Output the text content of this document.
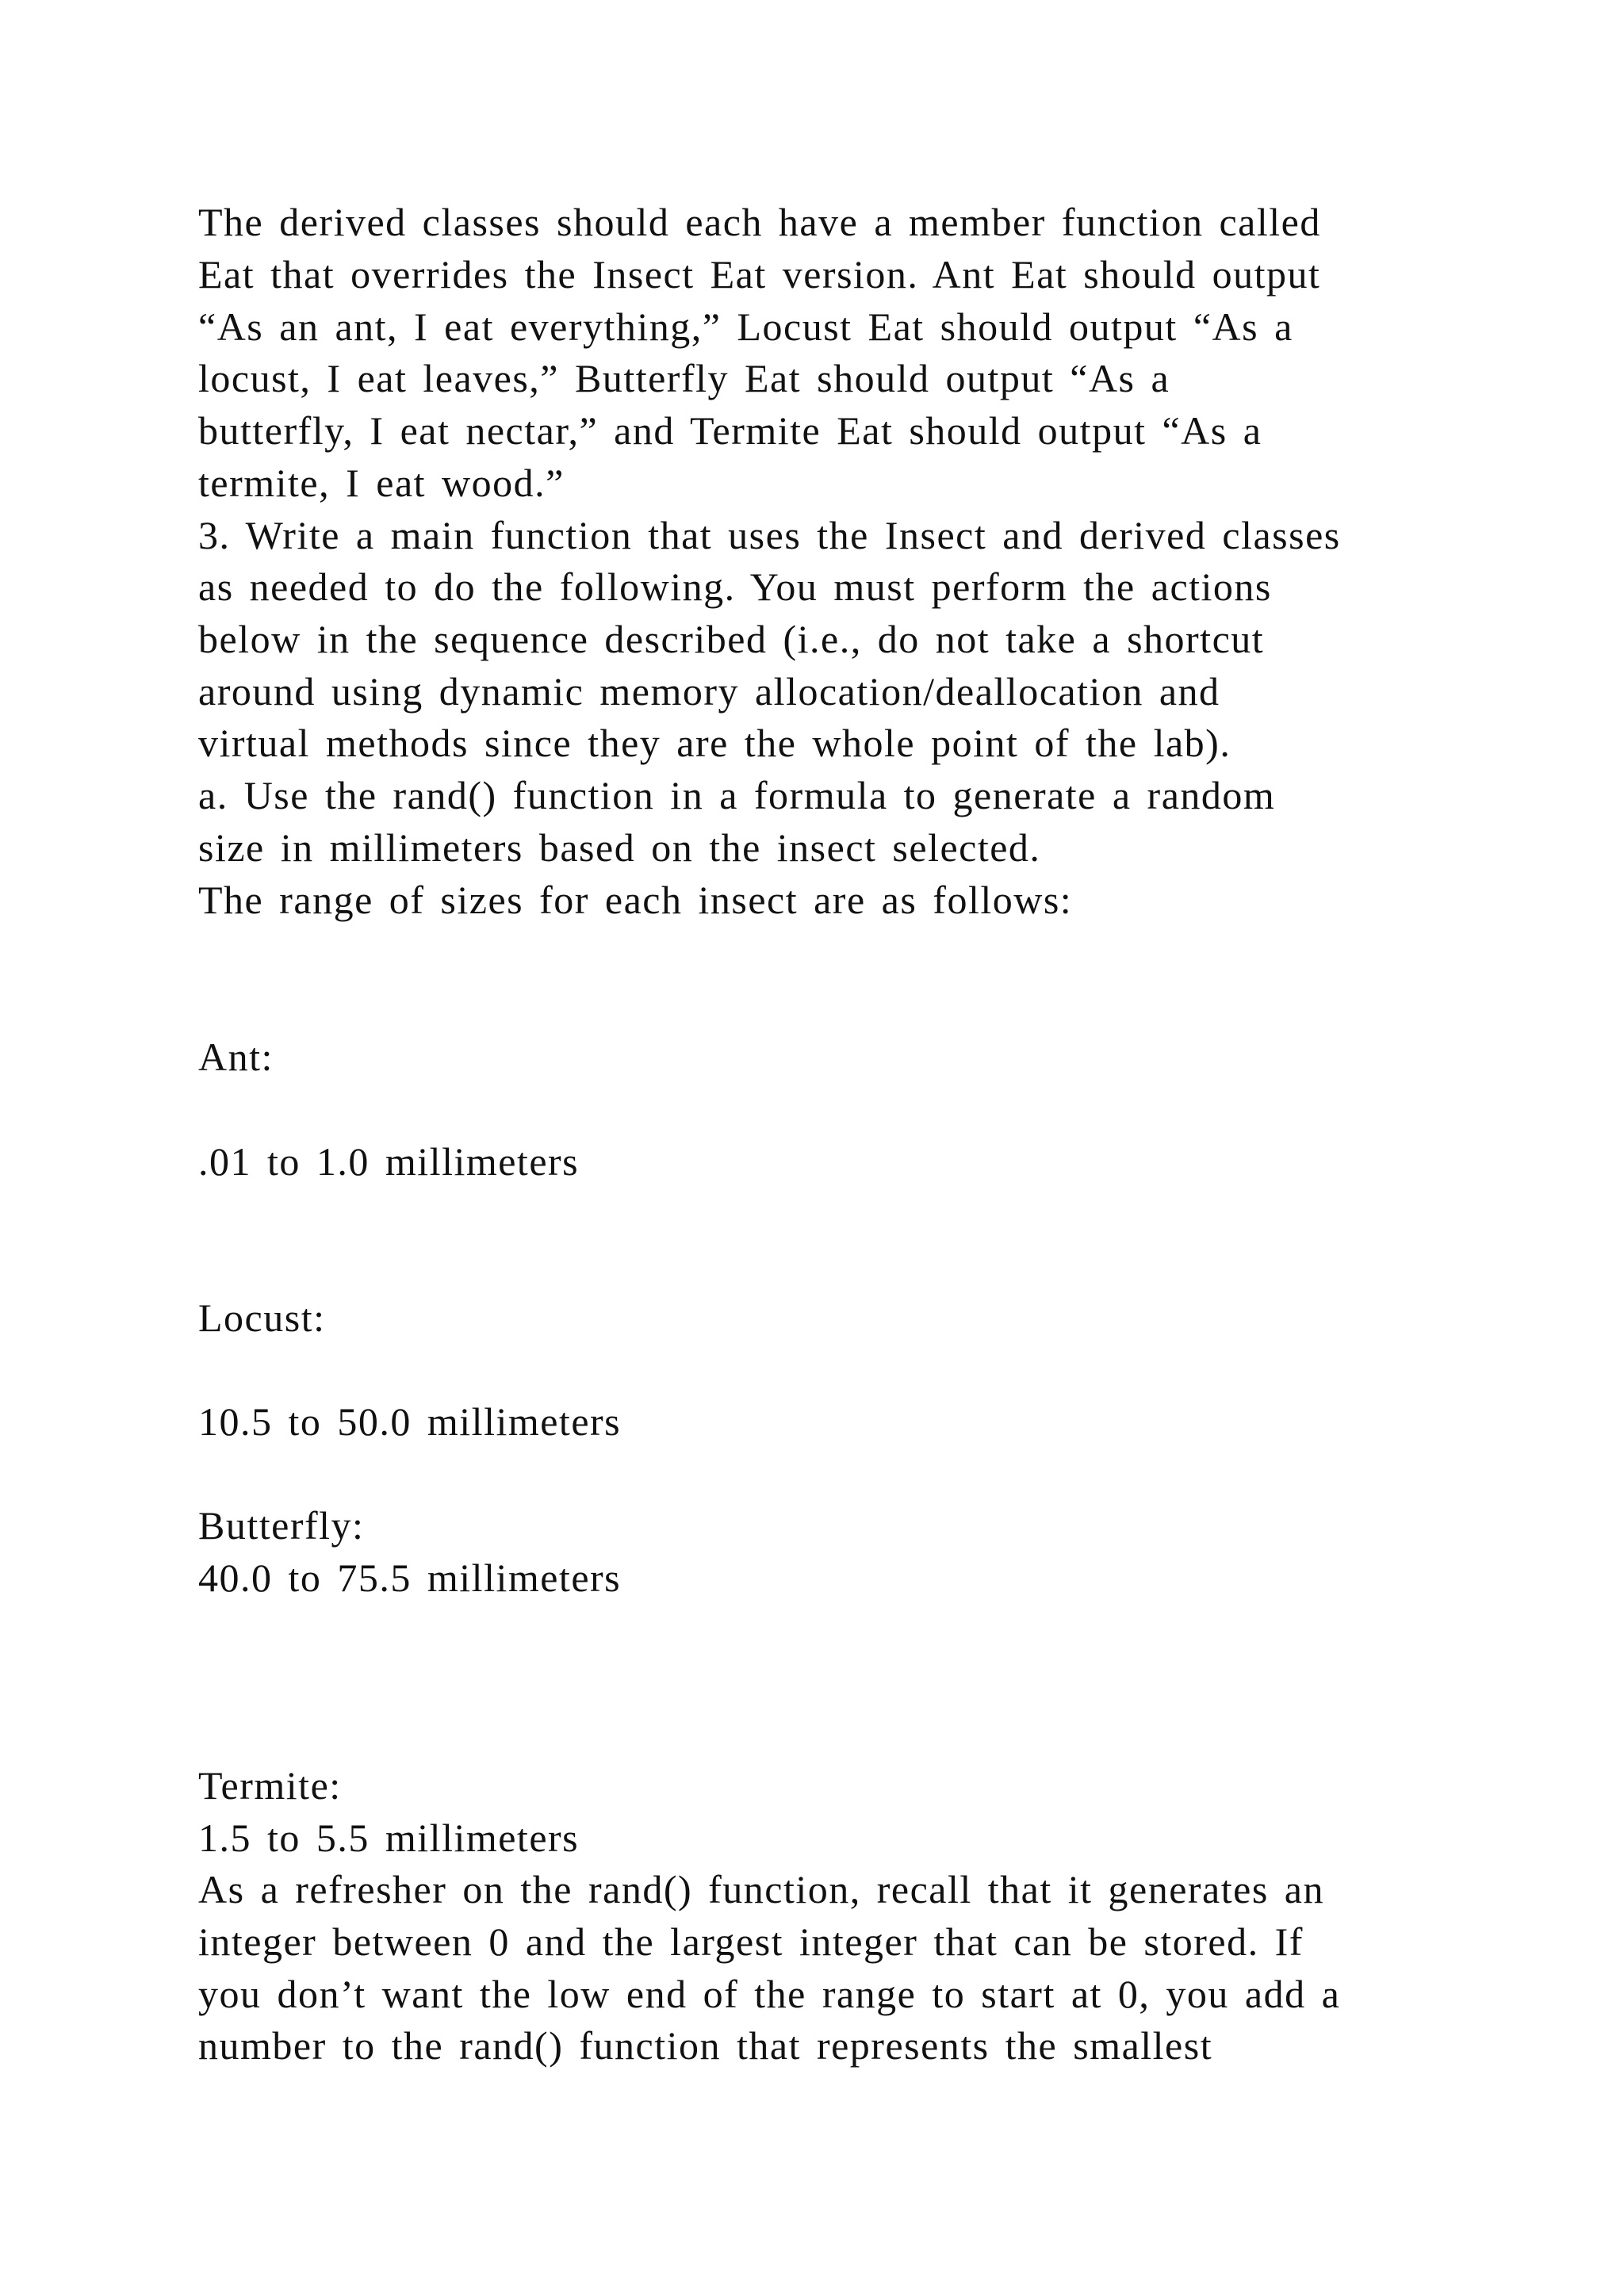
The derived classes should each have a member function called
Eat that overrides the Insect Eat version. Ant Eat should output
“As an ant, I eat everything,” Locust Eat should output “As a
locust, I eat leaves,” Butterfly Eat should output “As a
butterfly, I eat nectar,” and Termite Eat should output “As a
termite, I eat wood.”
3. Write a main function that uses the Insect and derived classes
as needed to do the following. You must perform the actions
below in the sequence described (i.e., do not take a shortcut
around using dynamic memory allocation/deallocation and
virtual methods since they are the whole point of the lab).
a. Use the rand() function in a formula to generate a random
size in millimeters based on the insect selected.
The range of sizes for each insect are as follows:
Ant:
.01 to 1.0 millimeters
Locust:
10.5 to 50.0 millimeters
Butterfly:
40.0 to 75.5 millimeters
Termite:
1.5 to 5.5 millimeters
As a refresher on the rand() function, recall that it generates an
integer between 0 and the largest integer that can be stored. If
you don’t want the low end of the range to start at 0, you add a
number to the rand() function that represents the smallest
